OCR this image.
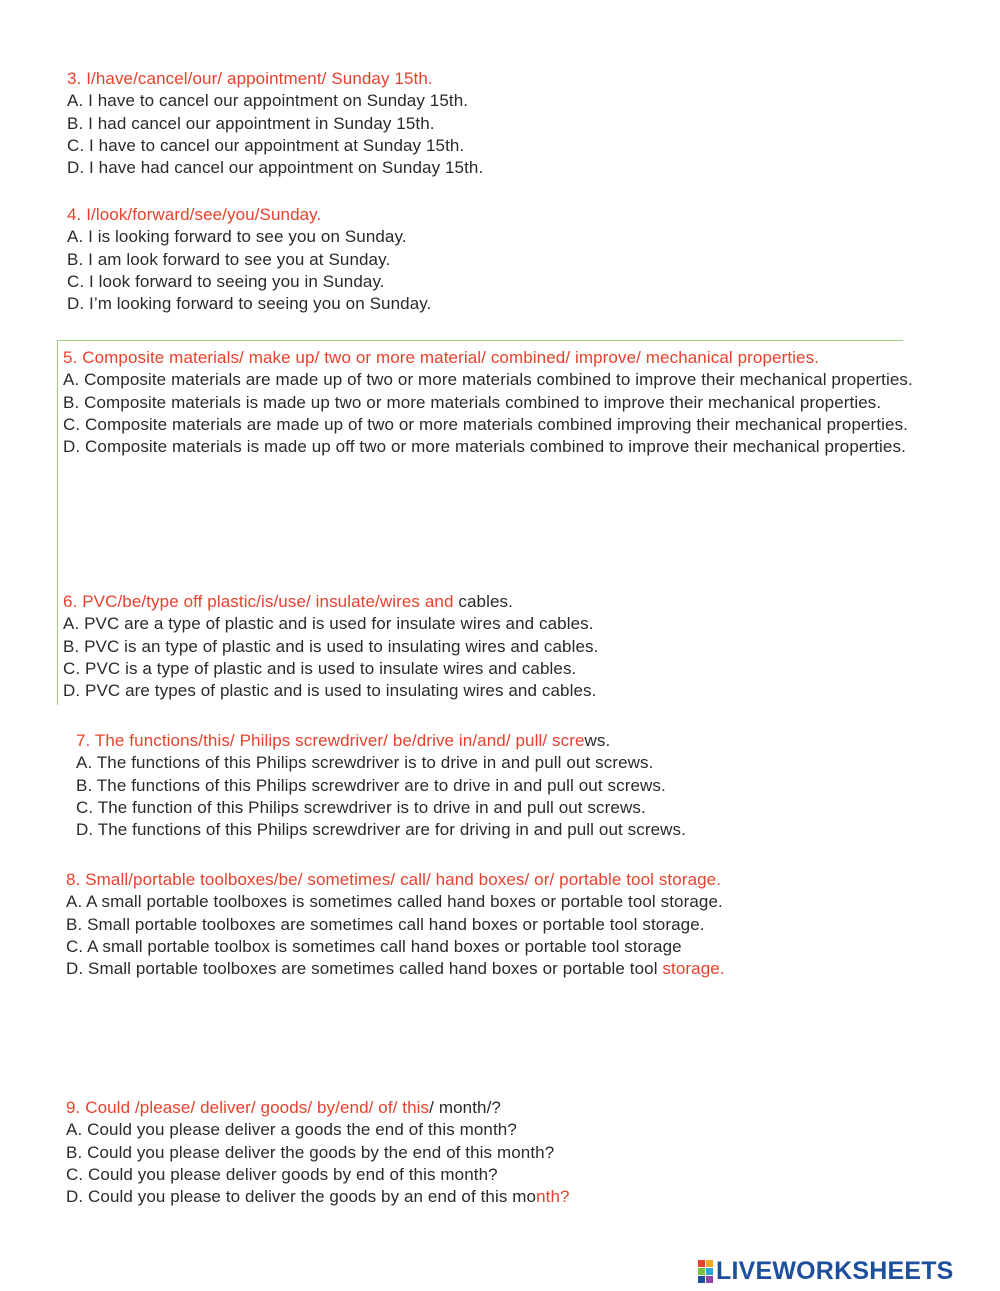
3. I/have/cancel/our/ appointment/ Sunday 15th.
A. I have to cancel our appointment on Sunday 15th.
B. I had cancel our appointment in Sunday 15th.
C. I have to cancel our appointment at Sunday 15th.
D. I have had cancel our appointment on Sunday 15th.
4. I/look/forward/see/you/Sunday.
A. I is looking forward to see you on Sunday.
B. I am look forward to see you at Sunday.
C. I look forward to seeing you in Sunday.
D. I’m looking forward to seeing you on Sunday.
5. Composite materials/ make up/ two or more material/ combined/ improve/ mechanical properties.
A. Composite materials are made up of two or more materials combined to improve their mechanical properties.
B. Composite materials is made up two or more materials combined to improve their mechanical properties.
C. Composite materials are made up of two or more materials combined improving their mechanical properties.
D. Composite materials is made up off two or more materials combined to improve their mechanical properties.
6. PVC/be/type off plastic/is/use/ insulate/wires and cables.
A. PVC are a type of plastic and is used for insulate wires and cables.
B. PVC is an type of plastic and is used to insulating wires and cables.
C. PVC is a type of plastic and is used to insulate wires and cables.
D. PVC are types of plastic and is used to insulating wires and cables.
7. The functions/this/ Philips screwdriver/ be/drive in/and/ pull/ screws.
A. The functions of this Philips screwdriver is to drive in and pull out screws.
B. The functions of this Philips screwdriver are to drive in and pull out screws.
C. The function of this Philips screwdriver is to drive in and pull out screws.
D. The functions of this Philips screwdriver are for driving in and pull out screws.
8. Small/portable toolboxes/be/ sometimes/ call/ hand boxes/ or/ portable tool storage.
A. A small portable toolboxes is sometimes called hand boxes or portable tool storage.
B. Small portable toolboxes are sometimes call hand boxes or portable tool storage.
C. A small portable toolbox is sometimes call hand boxes or portable tool storage
D. Small portable toolboxes are sometimes called hand boxes or portable tool storage.
9. Could /please/ deliver/ goods/ by/end/ of/ this/ month/?
A. Could you please deliver a goods the end of this month?
B. Could you please deliver the goods by the end of this month?
C. Could you please deliver goods by end of this month?
D. Could you please to deliver the goods by an end of this month?
LIVEWORKSHEETS
